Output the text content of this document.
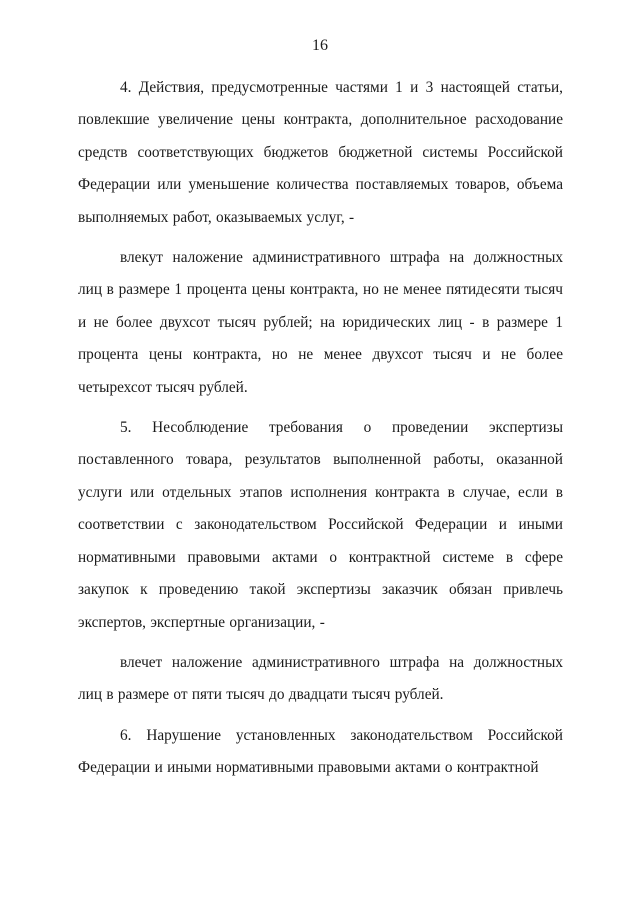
16

4. Действия, предусмотренные частями 1 и 3 настоящей статьи, повлекшие увеличение цены контракта, дополнительное расходование средств соответствующих бюджетов бюджетной системы Российской Федерации или уменьшение количества поставляемых товаров, объема выполняемых работ, оказываемых услуг, -

влекут наложение административного штрафа на должностных лиц в размере 1 процента цены контракта, но не менее пятидесяти тысяч и не более двухсот тысяч рублей; на юридических лиц - в размере 1 процента цены контракта, но не менее двухсот тысяч и не более четырехсот тысяч рублей.

5. Несоблюдение требования о проведении экспертизы поставленного товара, результатов выполненной работы, оказанной услуги или отдельных этапов исполнения контракта в случае, если в соответствии с законодательством Российской Федерации и иными нормативными правовыми актами о контрактной системе в сфере закупок к проведению такой экспертизы заказчик обязан привлечь экспертов, экспертные организации, -

влечет наложение административного штрафа на должностных лиц в размере от пяти тысяч до двадцати тысяч рублей.

6. Нарушение установленных законодательством Российской Федерации и иными нормативными правовыми актами о контрактной
